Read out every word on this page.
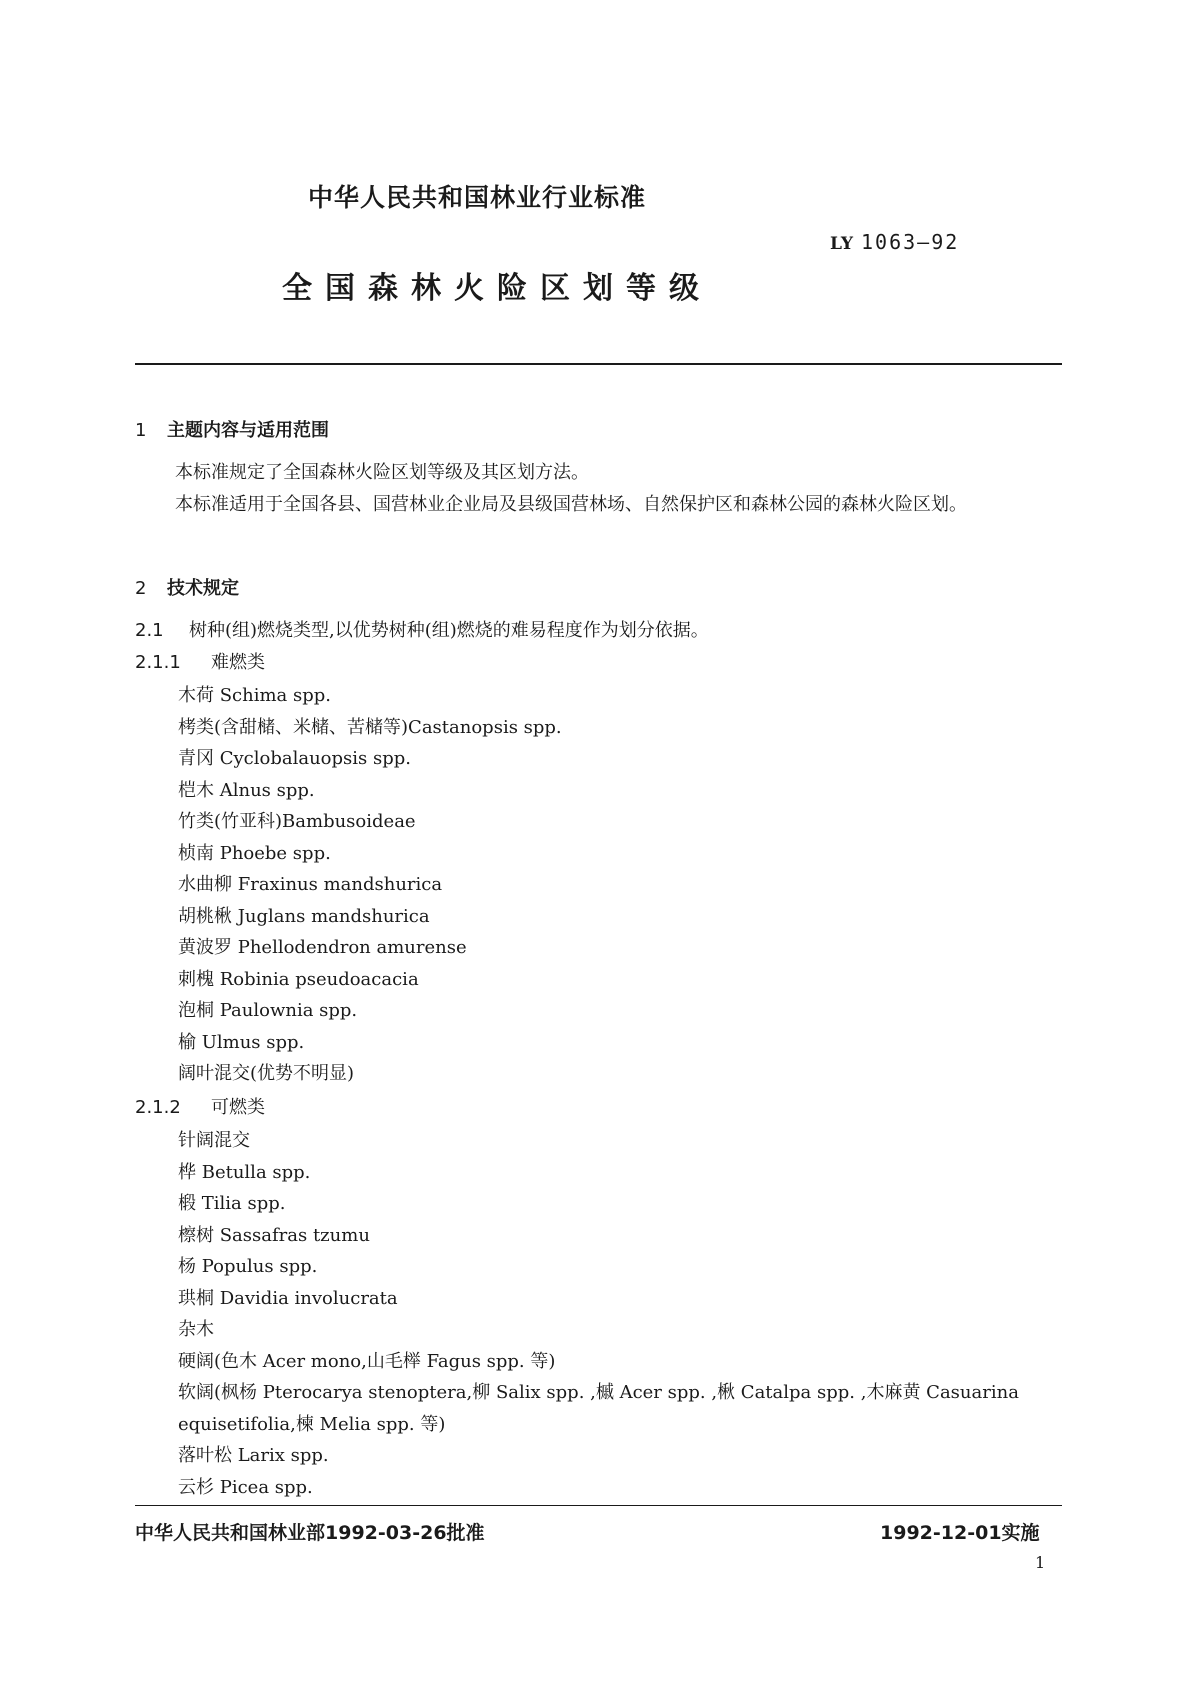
中华人民共和国林业行业标准
LY 1063—92
全国森林火险区划等级
1 主题内容与适用范围
本标准规定了全国森林火险区划等级及其区划方法。
本标准适用于全国各县、国营林业企业局及县级国营林场、自然保护区和森林公园的森林火险区划。
2 技术规定
2.1 树种(组)燃烧类型,以优势树种(组)燃烧的难易程度作为划分依据。
2.1.1 难燃类
木荷 Schima spp.
栲类(含甜槠、米槠、苦槠等)Castanopsis spp.
青冈 Cyclobalauopsis spp.
桤木 Alnus spp.
竹类(竹亚科)Bambusoideae
桢南 Phoebe spp.
水曲柳 Fraxinus mandshurica
胡桃楸 Juglans mandshurica
黄波罗 Phellodendron amurense
刺槐 Robinia pseudoacacia
泡桐 Paulownia spp.
榆 Ulmus spp.
阔叶混交(优势不明显)
2.1.2 可燃类
针阔混交
桦 Betulla spp.
椴 Tilia spp.
檫树 Sassafras tzumu
杨 Populus spp.
珙桐 Davidia involucrata
杂木
硬阔(色木 Acer mono,山毛榉 Fagus spp. 等)
软阔(枫杨 Pterocarya stenoptera,柳 Salix spp. ,槭 Acer spp. ,楸 Catalpa spp. ,木麻黄 Casuarina equisetifolia,楝 Melia spp. 等)
落叶松 Larix spp.
云杉 Picea spp.
中华人民共和国林业部1992-03-26批准	1992-12-01实施
1
